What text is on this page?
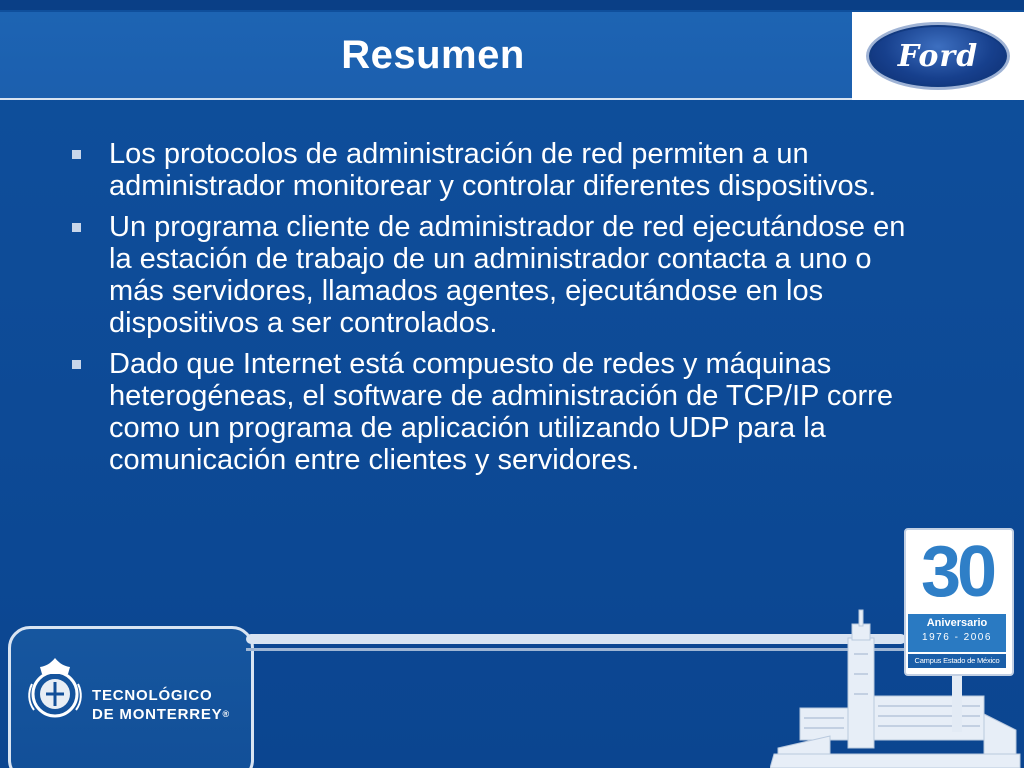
Resumen	Ford
Los protocolos de administración de red permiten a un administrador monitorear y controlar diferentes dispositivos.
Un programa cliente de administrador de red ejecutándose en la estación de trabajo de un administrador contacta a uno o más servidores, llamados agentes, ejecutándose en los dispositivos a ser controlados.
Dado que Internet está compuesto de redes y máquinas heterogéneas, el software de administración de TCP/IP corre como un programa de aplicación utilizando UDP para la comunicación entre clientes y servidores.
TECNOLÓGICO
DE MONTERREY®
30
Aniversario
1976 - 2006
Campus Estado de México
